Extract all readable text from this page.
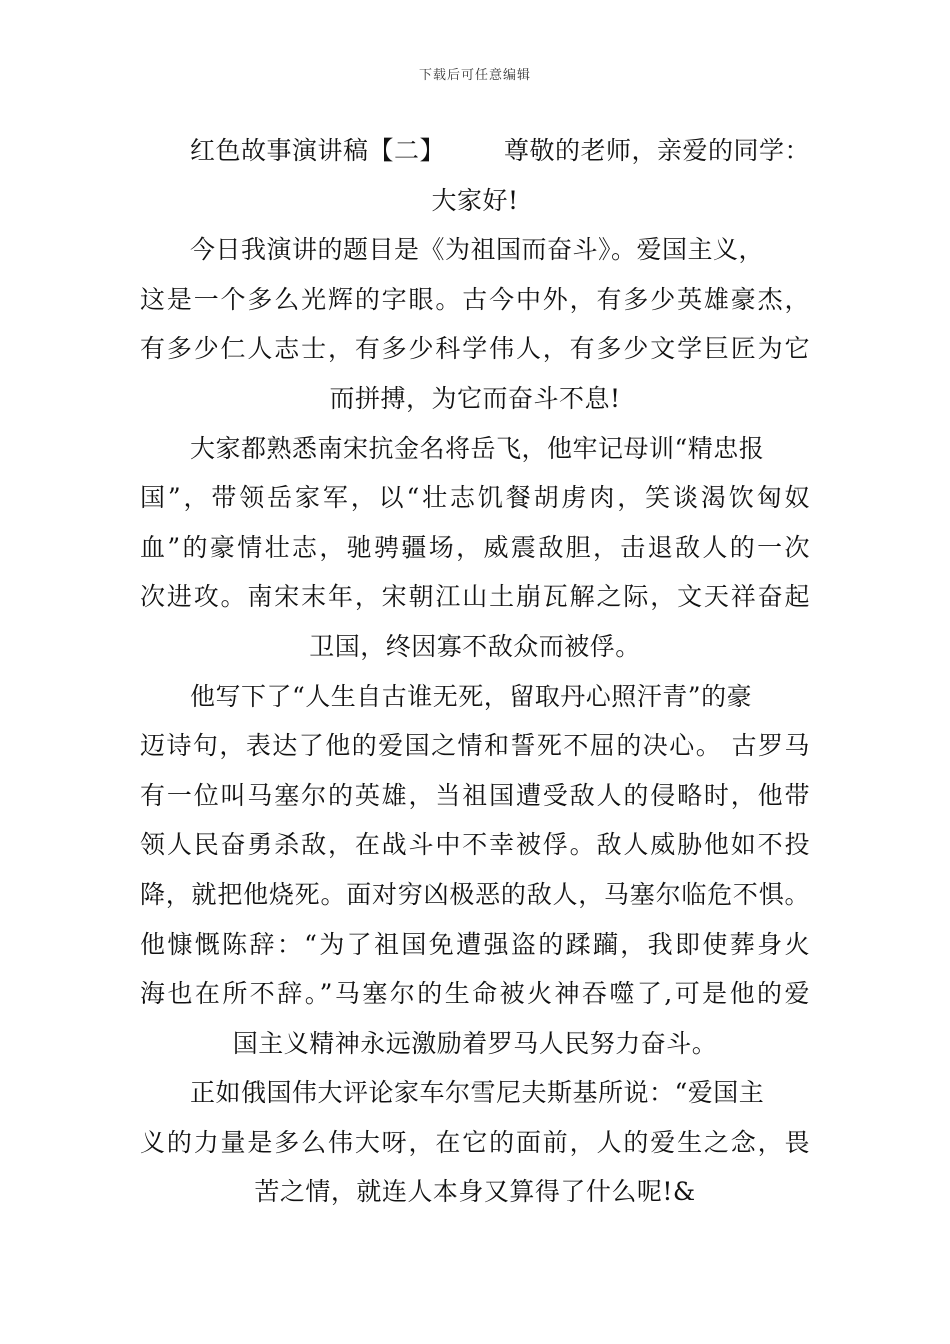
下载后可任意编辑
红色故事演讲稿【二】 尊敬的老师，亲爱的同学：
大家好!
今日我演讲的题目是《为祖国而奋斗》。爱国主义，
这是一个多么光辉的字眼。古今中外，有多少英雄豪杰，
有多少仁人志士，有多少科学伟人，有多少文学巨匠为它
而拼搏，为它而奋斗不息!
大家都熟悉南宋抗金名将岳飞，他牢记母训“精忠报
国”，带领岳家军，以“壮志饥餐胡虏肉，笑谈渴饮匈奴
血”的豪情壮志，驰骋疆场，威震敌胆，击退敌人的一次
次进攻。南宋末年，宋朝江山土崩瓦解之际，文天祥奋起
卫国，终因寡不敌众而被俘。
他写下了“人生自古谁无死，留取丹心照汗青”的豪
迈诗句，表达了他的爱国之情和誓死不屈的决心。 古罗马
有一位叫马塞尔的英雄，当祖国遭受敌人的侵略时，他带
领人民奋勇杀敌，在战斗中不幸被俘。敌人威胁他如不投
降，就把他烧死。面对穷凶极恶的敌人，马塞尔临危不惧。
他慷慨陈辞：“为了祖国免遭强盗的蹂躏，我即使葬身火
海也在所不辞。”马塞尔的生命被火神吞噬了,可是他的爱
国主义精神永远激励着罗马人民努力奋斗。
正如俄国伟大评论家车尔雪尼夫斯基所说：“爱国主
义的力量是多么伟大呀，在它的面前，人的爱生之念，畏
苦之情，就连人本身又算得了什么呢!&
